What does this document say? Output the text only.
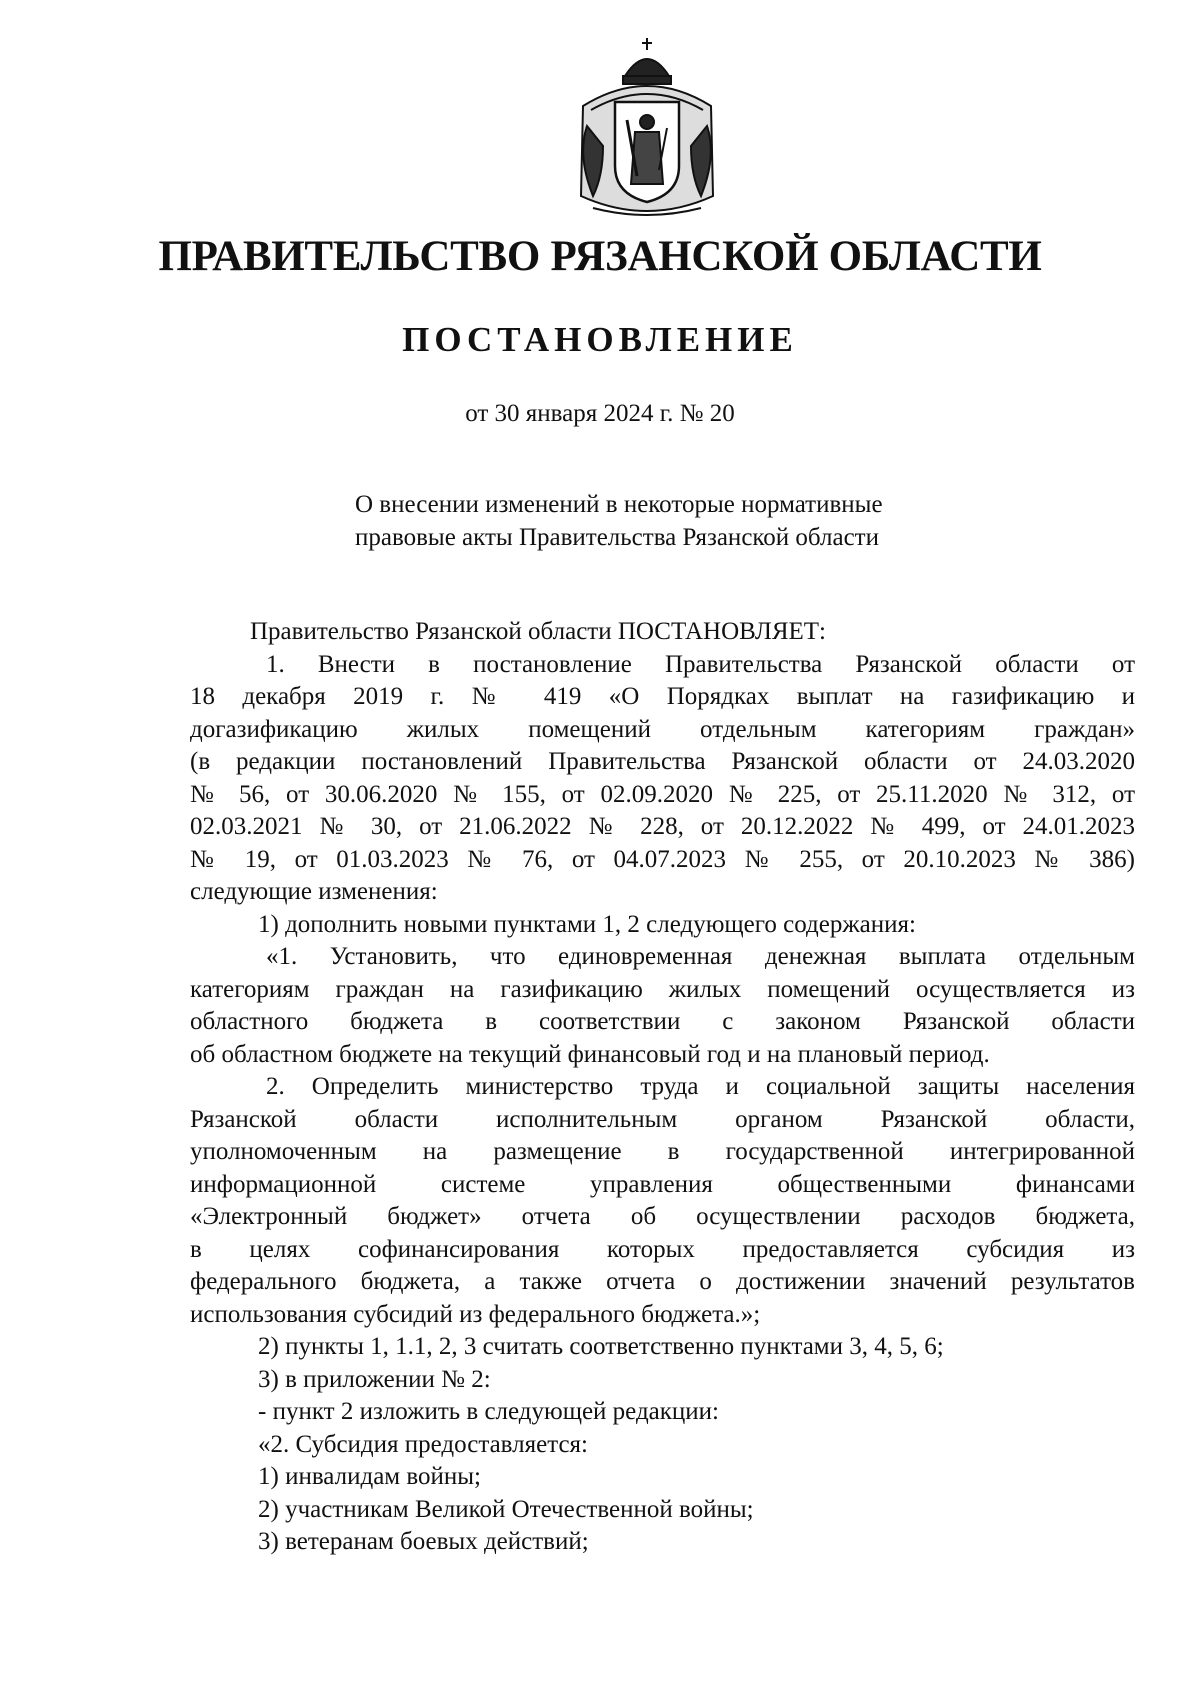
ПРАВИТЕЛЬСТВО РЯЗАНСКОЙ ОБЛАСТИ
ПОСТАНОВЛЕНИЕ
от 30 января 2024 г. № 20
О внесении изменений в некоторые нормативные
правовые акты Правительства Рязанской области
Правительство Рязанской области ПОСТАНОВЛЯЕТ:
1. Внести в постановление Правительства Рязанской области от
18 декабря 2019 г. № 419 «О Порядках выплат на газификацию и
догазификацию жилых помещений отдельным категориям граждан»
(в редакции постановлений Правительства Рязанской области от 24.03.2020
№ 56, от 30.06.2020 № 155, от 02.09.2020 № 225, от 25.11.2020 № 312, от
02.03.2021 № 30, от 21.06.2022 № 228, от 20.12.2022 № 499, от 24.01.2023
№ 19, от 01.03.2023 № 76, от 04.07.2023 № 255, от 20.10.2023 № 386)
следующие изменения:
1) дополнить новыми пунктами 1, 2 следующего содержания:
«1. Установить, что единовременная денежная выплата отдельным
категориям граждан на газификацию жилых помещений осуществляется из
областного бюджета в соответствии с законом Рязанской области
об областном бюджете на текущий финансовый год и на плановый период.
2. Определить министерство труда и социальной защиты населения
Рязанской области исполнительным органом Рязанской области,
уполномоченным на размещение в государственной интегрированной
информационной системе управления общественными финансами
«Электронный бюджет» отчета об осуществлении расходов бюджета,
в целях софинансирования которых предоставляется субсидия из
федерального бюджета, а также отчета о достижении значений результатов
использования субсидий из федерального бюджета.»;
2) пункты 1, 1.1, 2, 3 считать соответственно пунктами 3, 4, 5, 6;
3) в приложении № 2:
- пункт 2 изложить в следующей редакции:
«2. Субсидия предоставляется:
1) инвалидам войны;
2) участникам Великой Отечественной войны;
3) ветеранам боевых действий;
